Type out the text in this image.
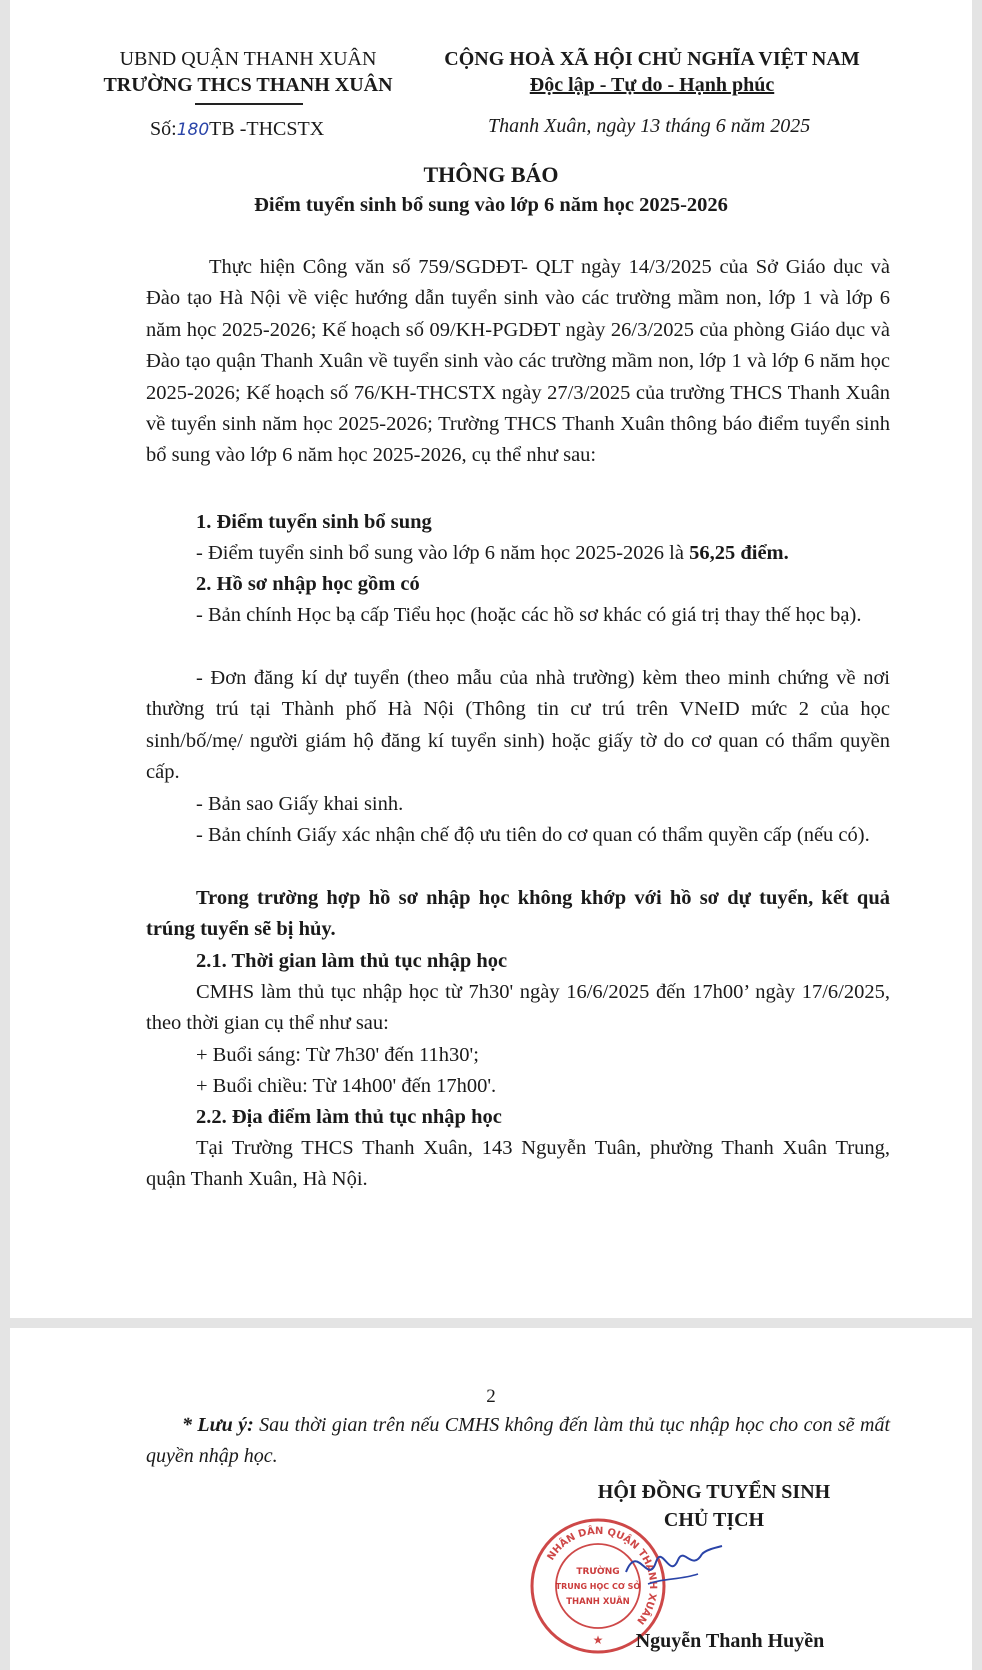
UBND QUẬN THANH XUÂN
TRƯỜNG THCS THANH XUÂN
CỘNG HOÀ XÃ HỘI CHỦ NGHĨA VIỆT NAM
Độc lập - Tự do - Hạnh phúc
Số:180TB -THCSTX	Thanh Xuân, ngày 13 tháng 6 năm 2025
THÔNG BÁO
Điểm tuyển sinh bổ sung vào lớp 6 năm học 2025-2026

Thực hiện Công văn số 759/SGDĐT- QLT ngày 14/3/2025 của Sở Giáo dục và Đào tạo Hà Nội về việc hướng dẫn tuyển sinh vào các trường mầm non, lớp 1 và lớp 6 năm học 2025-2026; Kế hoạch số 09/KH-PGDĐT ngày 26/3/2025 của phòng Giáo dục và Đào tạo quận Thanh Xuân về tuyển sinh vào các trường mầm non, lớp 1 và lớp 6 năm học 2025-2026; Kế hoạch số 76/KH-THCSTX ngày 27/3/2025 của trường THCS Thanh Xuân về tuyển sinh năm học 2025-2026; Trường THCS Thanh Xuân thông báo điểm tuyển sinh bổ sung vào lớp 6 năm học 2025-2026, cụ thể như sau:

1. Điểm tuyển sinh bổ sung
- Điểm tuyển sinh bổ sung vào lớp 6 năm học 2025-2026 là 56,25 điểm.
2. Hồ sơ nhập học gồm có

- Bản chính Học bạ cấp Tiểu học (hoặc các hồ sơ khác có giá trị thay thế học bạ).

- Đơn đăng kí dự tuyển (theo mẫu của nhà trường) kèm theo minh chứng về nơi thường trú tại Thành phố Hà Nội (Thông tin cư trú trên VNeID mức 2 của học sinh/bố/mẹ/ người giám hộ đăng kí tuyển sinh) hoặc giấy tờ do cơ quan có thẩm quyền cấp.

- Bản sao Giấy khai sinh.

- Bản chính Giấy xác nhận chế độ ưu tiên do cơ quan có thẩm quyền cấp (nếu có).

Trong trường hợp hồ sơ nhập học không khớp với hồ sơ dự tuyển, kết quả trúng tuyển sẽ bị hủy.

2.1. Thời gian làm thủ tục nhập học

CMHS làm thủ tục nhập học từ 7h30' ngày 16/6/2025 đến 17h00’ ngày 17/6/2025, theo thời gian cụ thể như sau:

+ Buổi sáng: Từ 7h30' đến 11h30';
+ Buổi chiều: Từ 14h00' đến 17h00'.
2.2. Địa điểm làm thủ tục nhập học

Tại Trường THCS Thanh Xuân, 143 Nguyễn Tuân, phường Thanh Xuân Trung, quận Thanh Xuân, Hà Nội.

2

* Lưu ý: Sau thời gian trên nếu CMHS không đến làm thủ tục nhập học cho con sẽ mất quyền nhập học.

HỘI ĐỒNG TUYỂN SINH
CHỦ TỊCH
NHÂN DÂN QUẬN THANH XUÂN
TRƯỜNG
TRUNG HỌC CƠ SỞ
THANH XUÂN
★	Nguyễn Thanh Huyền
